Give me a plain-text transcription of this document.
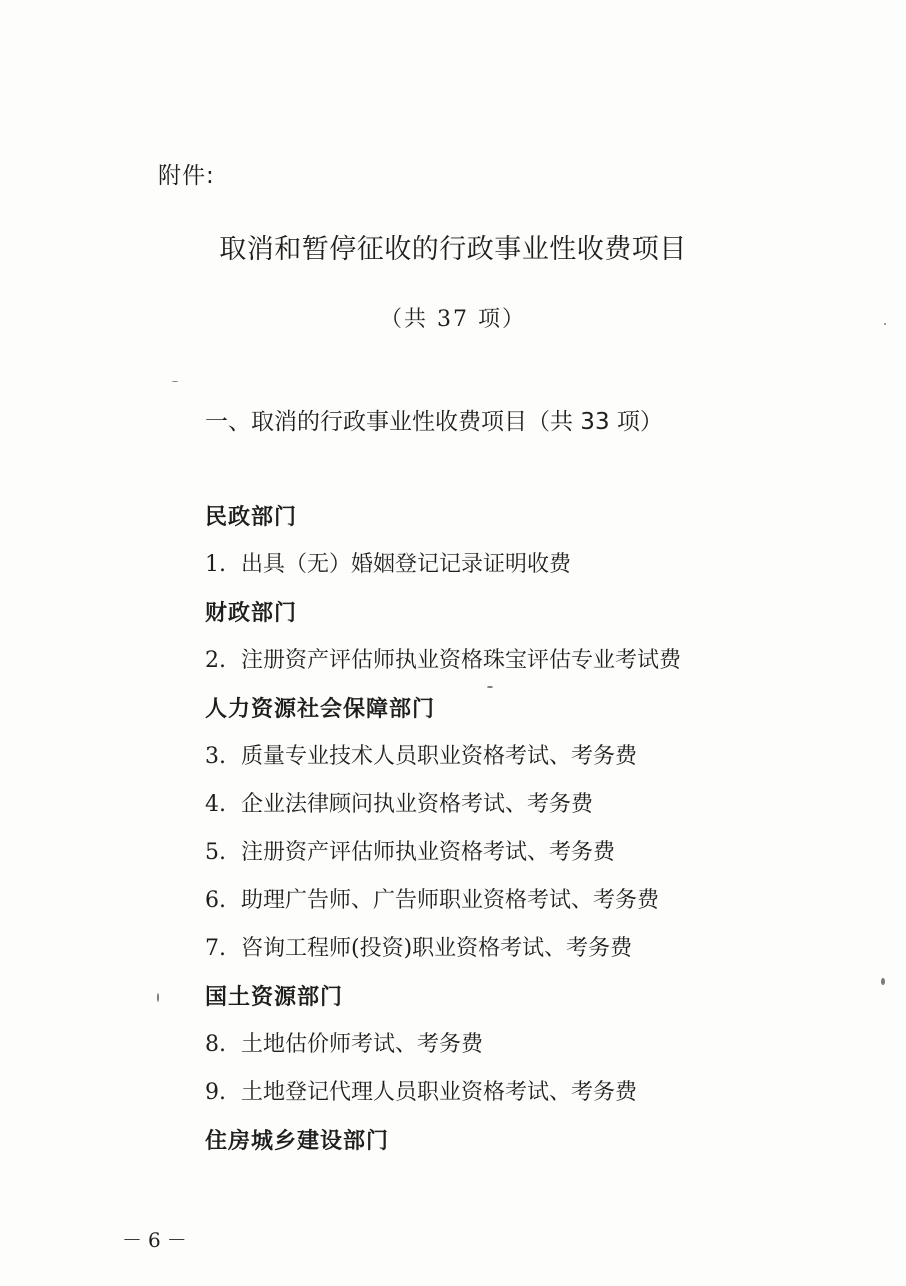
附件:
取消和暂停征收的行政事业性收费项目
（共 37 项）
一、取消的行政事业性收费项目（共 33 项）
民政部门
1. 出具（无）婚姻登记记录证明收费
财政部门
2. 注册资产评估师执业资格珠宝评估专业考试费
人力资源社会保障部门
3. 质量专业技术人员职业资格考试、考务费
4. 企业法律顾问执业资格考试、考务费
5. 注册资产评估师执业资格考试、考务费
6. 助理广告师、广告师职业资格考试、考务费
7. 咨询工程师(投资)职业资格考试、考务费
国土资源部门
8. 土地估价师考试、考务费
9. 土地登记代理人员职业资格考试、考务费
住房城乡建设部门
－6－
